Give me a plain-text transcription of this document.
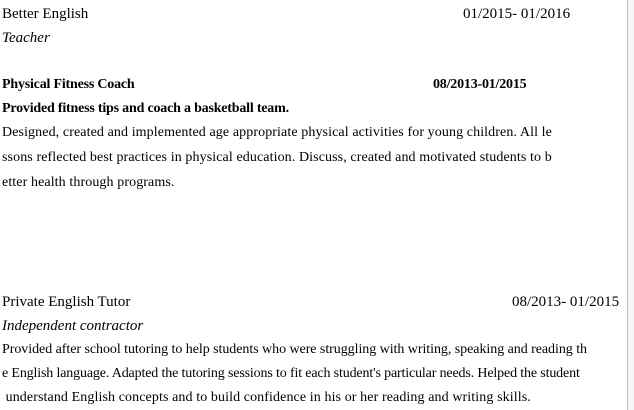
Better English	01/2015- 01/2016
Teacher
Physical Fitness Coach	08/2013-01/2015
Provided fitness tips and coach a basketball team.
Designed, created and implemented age appropriate physical activities for young children. All le
ssons reflected best practices in physical education. Discuss, created and motivated students to b
etter health through programs.
Private English Tutor	08/2013- 01/2015
Independent contractor
Provided after school tutoring to help students who were struggling with writing, speaking and reading th
e English language. Adapted the tutoring sessions to fit each student's particular needs. Helped the student
understand English concepts and to build confidence in his or her reading and writing skills.
